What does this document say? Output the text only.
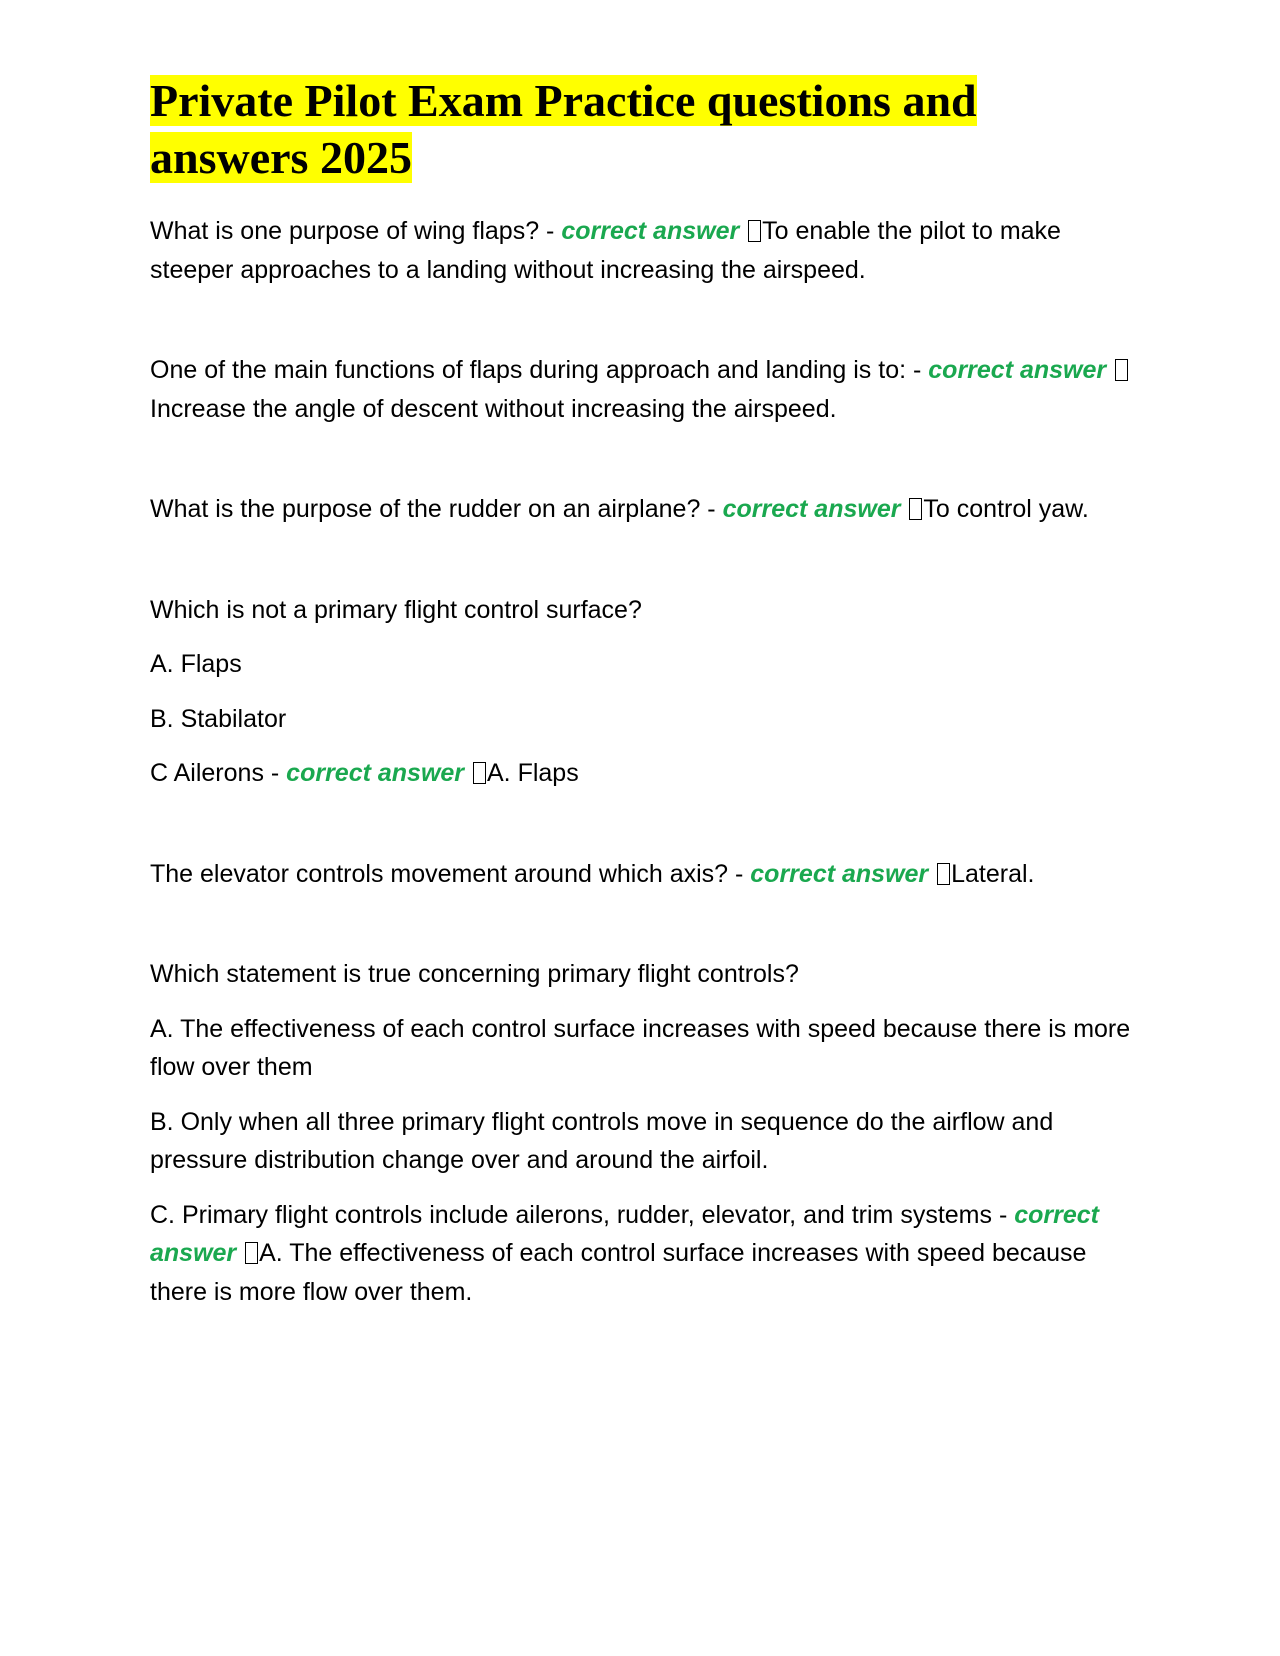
Private Pilot Exam Practice questions and answers 2025

What is one purpose of wing flaps? - correct answer To enable the pilot to make steeper approaches to a landing without increasing the airspeed.

One of the main functions of flaps during approach and landing is to: - correct answer Increase the angle of descent without increasing the airspeed.

What is the purpose of the rudder on an airplane? - correct answer To control yaw.

Which is not a primary flight control surface?

A. Flaps

B. Stabilator

C Ailerons - correct answer A. Flaps

The elevator controls movement around which axis? - correct answer Lateral.

Which statement is true concerning primary flight controls?

A. The effectiveness of each control surface increases with speed because there is more flow over them

B. Only when all three primary flight controls move in sequence do the airflow and pressure distribution change over and around the airfoil.

C. Primary flight controls include ailerons, rudder, elevator, and trim systems - correct answer A. The effectiveness of each control surface increases with speed because there is more flow over them.
